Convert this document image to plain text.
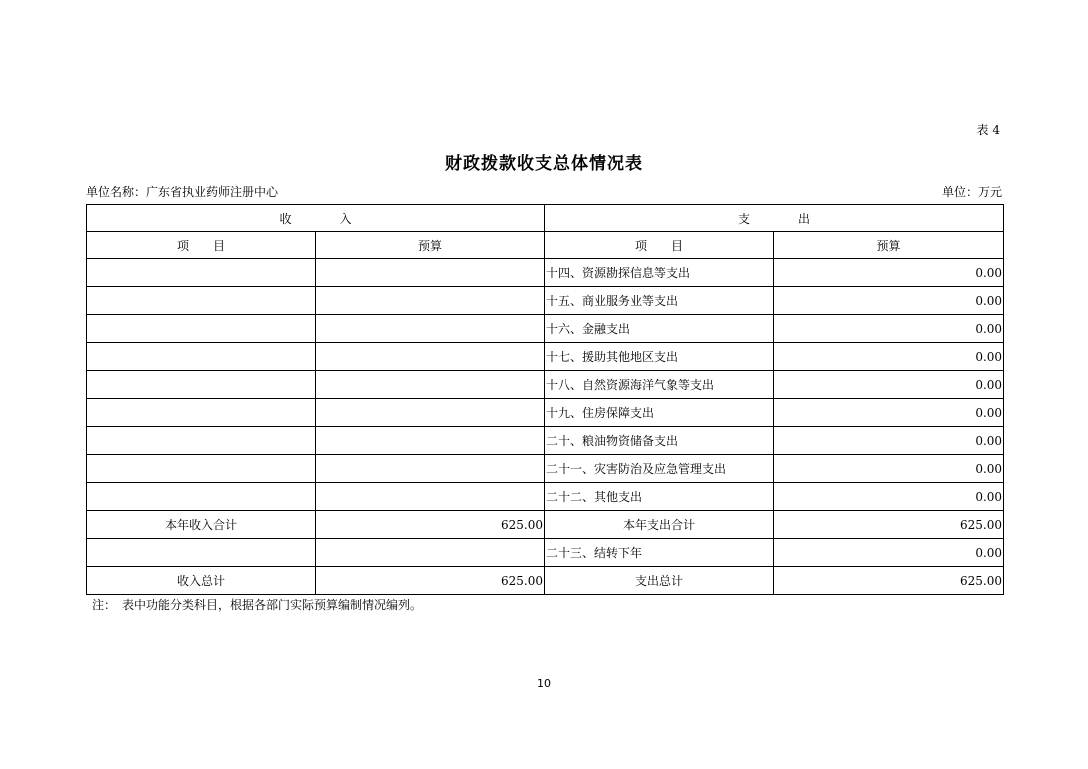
表 4
财政拨款收支总体情况表
单位名称：广东省执业药师注册中心	单位：万元
收　　　　入		支　　　　出	
项　　目	预算	项　　目	预算
		十四、资源勘探信息等支出	0.00
		十五、商业服务业等支出	0.00
		十六、金融支出	0.00
		十七、援助其他地区支出	0.00
		十八、自然资源海洋气象等支出	0.00
		十九、住房保障支出	0.00
		二十、粮油物资储备支出	0.00
		二十一、灾害防治及应急管理支出	0.00
		二十二、其他支出	0.00
本年收入合计	625.00	本年支出合计	625.00
		二十三、结转下年	0.00
收入总计	625.00	支出总计	625.00
注：　表中功能分类科目，根据各部门实际预算编制情况编列。
10
